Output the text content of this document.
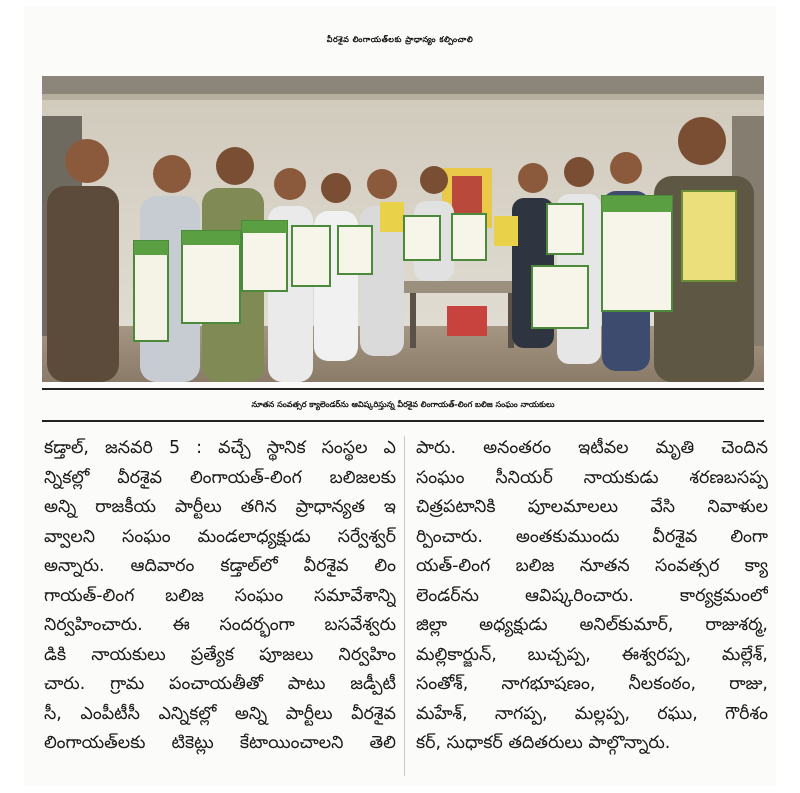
వీరశైవ లింగాయత్‌లకు ప్రాధాన్యం కల్పించాలి

నూతన సంవత్సర క్యాలెండర్‌ను ఆవిష్కరిస్తున్న వీరశైవ లింగాయత్-లింగ బలిజ సంఘం నాయకులు

కడ్తాల్, జనవరి 5 : వచ్చే స్థానిక సంస్థల ఎ
న్నికల్లో వీరశైవ లింగాయత్-లింగ బలిజలకు
అన్ని రాజకీయ పార్టీలు తగిన ప్రాధాన్యత ఇ
వ్వాలని సంఘం మండలాధ్యక్షుడు సర్వేశ్వర్
అన్నారు. ఆదివారం కడ్తాల్‌లో వీరశైవ లిం
గాయత్-లింగ బలిజ సంఘం సమావేశాన్ని
నిర్వహించారు. ఈ సందర్భంగా బసవేశ్వరు
డికి నాయకులు ప్రత్యేక పూజలు నిర్వహిం
చారు. గ్రామ పంచాయతీతో పాటు జడ్పీటీ
సీ, ఎంపీటీసీ ఎన్నికల్లో అన్ని పార్టీలు వీరశైవ
లింగాయత్‌లకు టికెట్లు కేటాయించాలని తెలి
పారు. అనంతరం ఇటీవల మృతి చెందిన
సంఘం సీనియర్ నాయకుడు శరణబసప్ప
చిత్రపటానికి పూలమాలలు వేసి నివాళుల
ర్పించారు. అంతకుముందు వీరశైవ లింగా
యత్-లింగ బలిజ నూతన సంవత్సర క్యా
లెండర్‌ను ఆవిష్కరించారు. కార్యక్రమంలో
జిల్లా అధ్యక్షుడు అనిల్‌కుమార్, రాజుశర్మ,
మల్లికార్జున్, బుచ్చప్ప, ఈశ్వరప్ప, మల్లేశ్,
సంతోశ్, నాగభూషణం, నీలకంఠం, రాజు,
మహేశ్, నాగప్ప, మల్లప్ప, రఘు, గౌరీశం
కర్, సుధాకర్ తదితరులు పాల్గొన్నారు.
